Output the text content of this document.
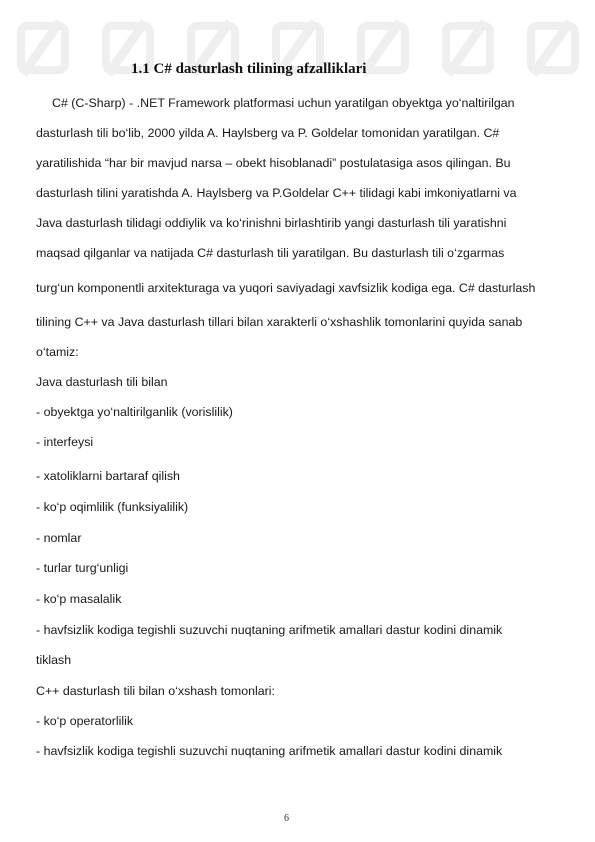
1.1 C# dasturlash tilining afzalliklari
C# (C-Sharp) - .NET Framework platformasi uchun yaratilgan obyektga yo‘naltirilgan
dasturlash tili bo‘lib, 2000 yilda A. Haylsberg va P. Goldelar tomonidan yaratilgan. C#
yaratilishida “har bir mavjud narsa – obekt hisoblanadi” postulatasiga asos qilingan. Bu
dasturlash tilini yaratishda A. Haylsberg va P.Goldelar C++ tilidagi kabi imkoniyatlarni va
Java dasturlash tilidagi oddiylik va ko‘rinishni birlashtirib yangi dasturlash tili yaratishni
maqsad qilganlar va natijada C# dasturlash tili yaratilgan. Bu dasturlash tili o‘zgarmas
turg‘un komponentli arxitekturaga va yuqori saviyadagi xavfsizlik kodiga ega. C# dasturlash
tilining C++ va Java dasturlash tillari bilan xarakterli o‘xshashlik tomonlarini quyida sanab
o‘tamiz:
Java dasturlash tili bilan
- obyektga yo‘naltirilganlik (vorislilik)
- interfeysi
- xatoliklarni bartaraf qilish
- ko‘p oqimlilik (funksiyalilik)
- nomlar
- turlar turg‘unligi
- ko‘p masalalik
- havfsizlik kodiga tegishli suzuvchi nuqtaning arifmetik amallari dastur kodini dinamik
tiklash
C++ dasturlash tili bilan o‘xshash tomonlari:
- ko‘p operatorlilik
- havfsizlik kodiga tegishli suzuvchi nuqtaning arifmetik amallari dastur kodini dinamik
6
